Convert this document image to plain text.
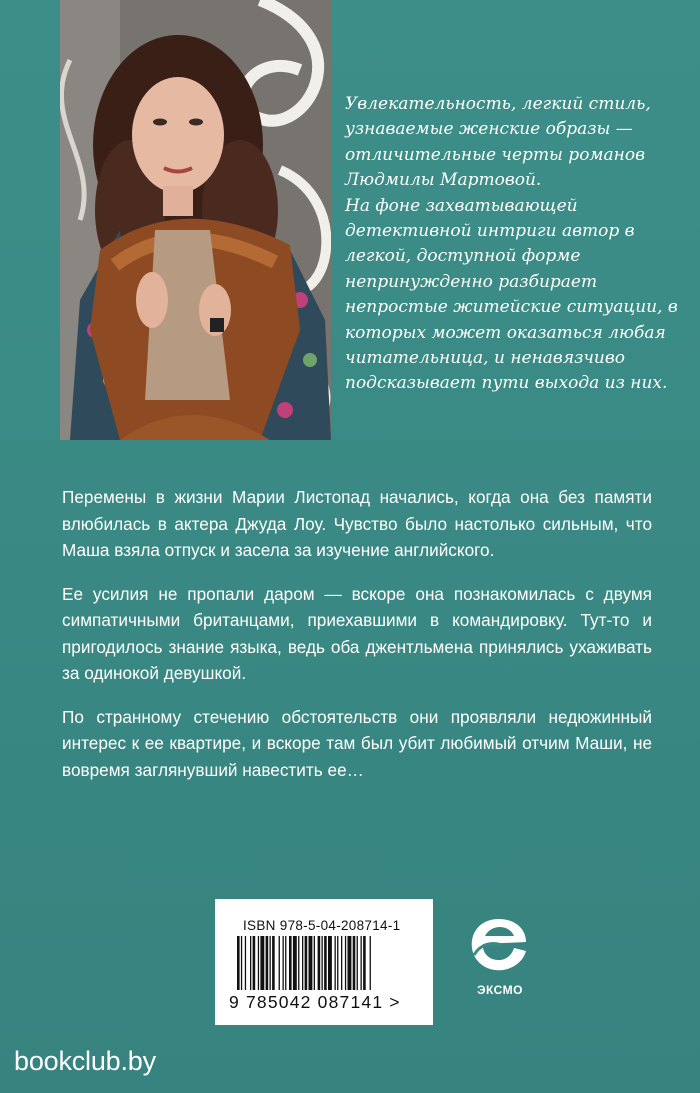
Увлекательность, легкий стиль, узнаваемые женские образы — отличительные черты романов Людмилы Мартовой.

На фоне захватывающей детективной интриги автор в легкой, доступной форме непринужденно разбирает непростые житейские ситуации, в которых может оказаться любая читательница, и ненавязчиво подсказывает пути выхода из них.

Перемены в жизни Марии Листопад начались, когда она без памяти влюбилась в актера Джуда Лоу. Чувство было настолько сильным, что Маша взяла отпуск и засела за изучение английского.

Ее усилия не пропали даром — вскоре она познакомилась с двумя симпатичными британцами, приехавшими в командировку. Тут-то и пригодилось знание языка, ведь оба джентльмена принялись ухаживать за одинокой девушкой.

По странному стечению обстоятельств они проявляли недюжинный интерес к ее квартире, и вскоре там был убит любимый отчим Маши, не вовремя заглянувший навестить ее…

ISBN 978-5-04-208714-1
9 785042 087141 >
ЭКСМО
bookclub.by
